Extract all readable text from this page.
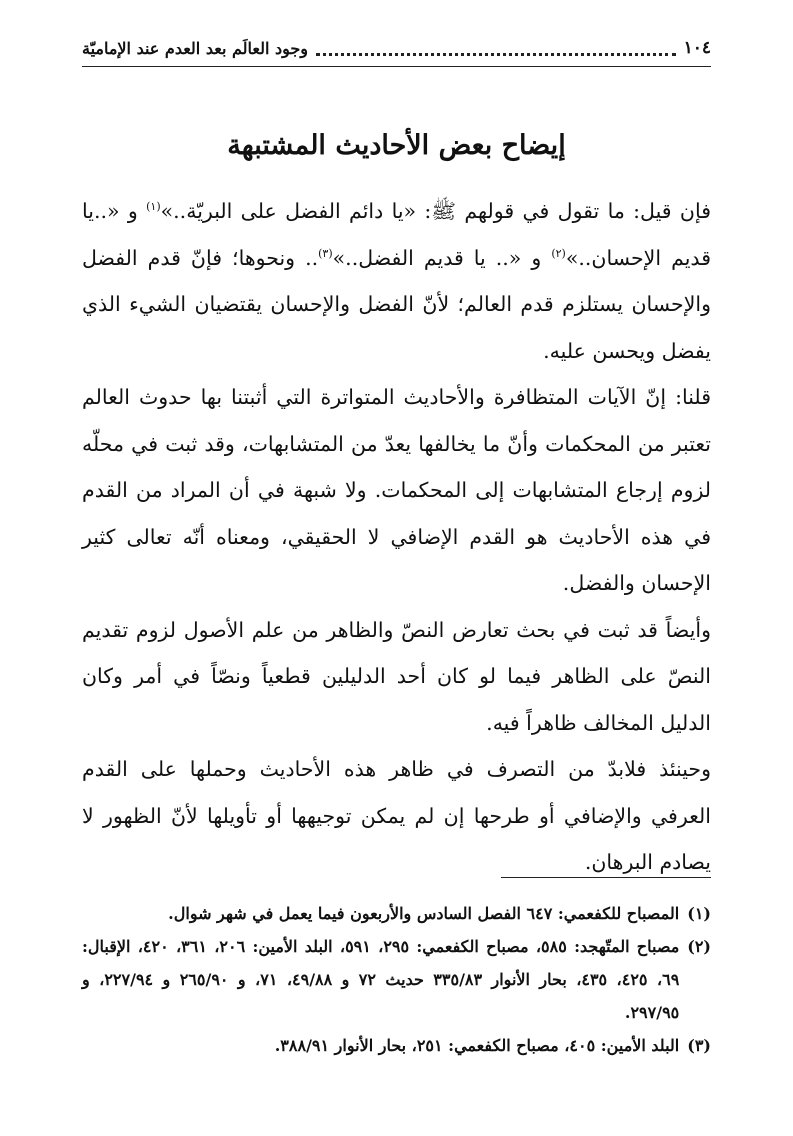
١٠٤
وجود العالَم بعد العدم عند الإماميّة
إيضاح بعض الأحاديث المشتبهة

فإن قيل: ما تقول في قولهم ﷺ: «يا دائم الفضل على البريّة..»$^{(١)}$ و «..يا قديم الإحسان..»$^{(٢)}$ و «.. يا قديم الفضل..»$^{(٣)}$.. ونحوها؛ فإنّ قدم الفضل والإحسان يستلزم قدم العالم؛ لأنّ الفضل والإحسان يقتضيان الشيء الذي يفضل ويحسن عليه.

قلنا: إنّ الآيات المتظافرة والأحاديث المتواترة التي أثبتنا بها حدوث العالم تعتبر من المحكمات وأنّ ما يخالفها يعدّ من المتشابهات، وقد ثبت في محلّه لزوم إرجاع المتشابهات إلى المحكمات. ولا شبهة في أن المراد من القدم في هذه الأحاديث هو القدم الإضافي لا الحقيقي، ومعناه أنّه تعالى كثير الإحسان والفضل.

وأيضاً قد ثبت في بحث تعارض النصّ والظاهر من علم الأصول لزوم تقديم النصّ على الظاهر فيما لو كان أحد الدليلين قطعياً ونصّاً في أمر وكان الدليل المخالف ظاهراً فيه.

وحينئذ فلابدّ من التصرف في ظاهر هذه الأحاديث وحملها على القدم العرفي والإضافي أو طرحها إن لم يمكن توجيهها أو تأويلها لأنّ الظهور لا يصادم البرهان.

(١)
المصباح للكفعمي: ٦٤٧ الفصل السادس والأربعون فيما يعمل في شهر شوال.
(٢)
مصباح المتّهجد: ٥٨٥، مصباح الكفعمي: ٢٩٥، ٥٩١، البلد الأمين: ٢٠٦، ٣٦١، ٤٢٠، الإقبال: ٦٩، ٤٢٥، ٤٣٥، بحار الأنوار ٣٣٥/٨٣ حديث ٧٢ و ٤٩/٨٨، ٧١، و ٢٦٥/٩٠ و ٢٢٧/٩٤، و ٢٩٧/٩٥.
(٣)
البلد الأمين: ٤٠٥، مصباح الكفعمي: ٢٥١، بحار الأنوار ٣٨٨/٩١.
